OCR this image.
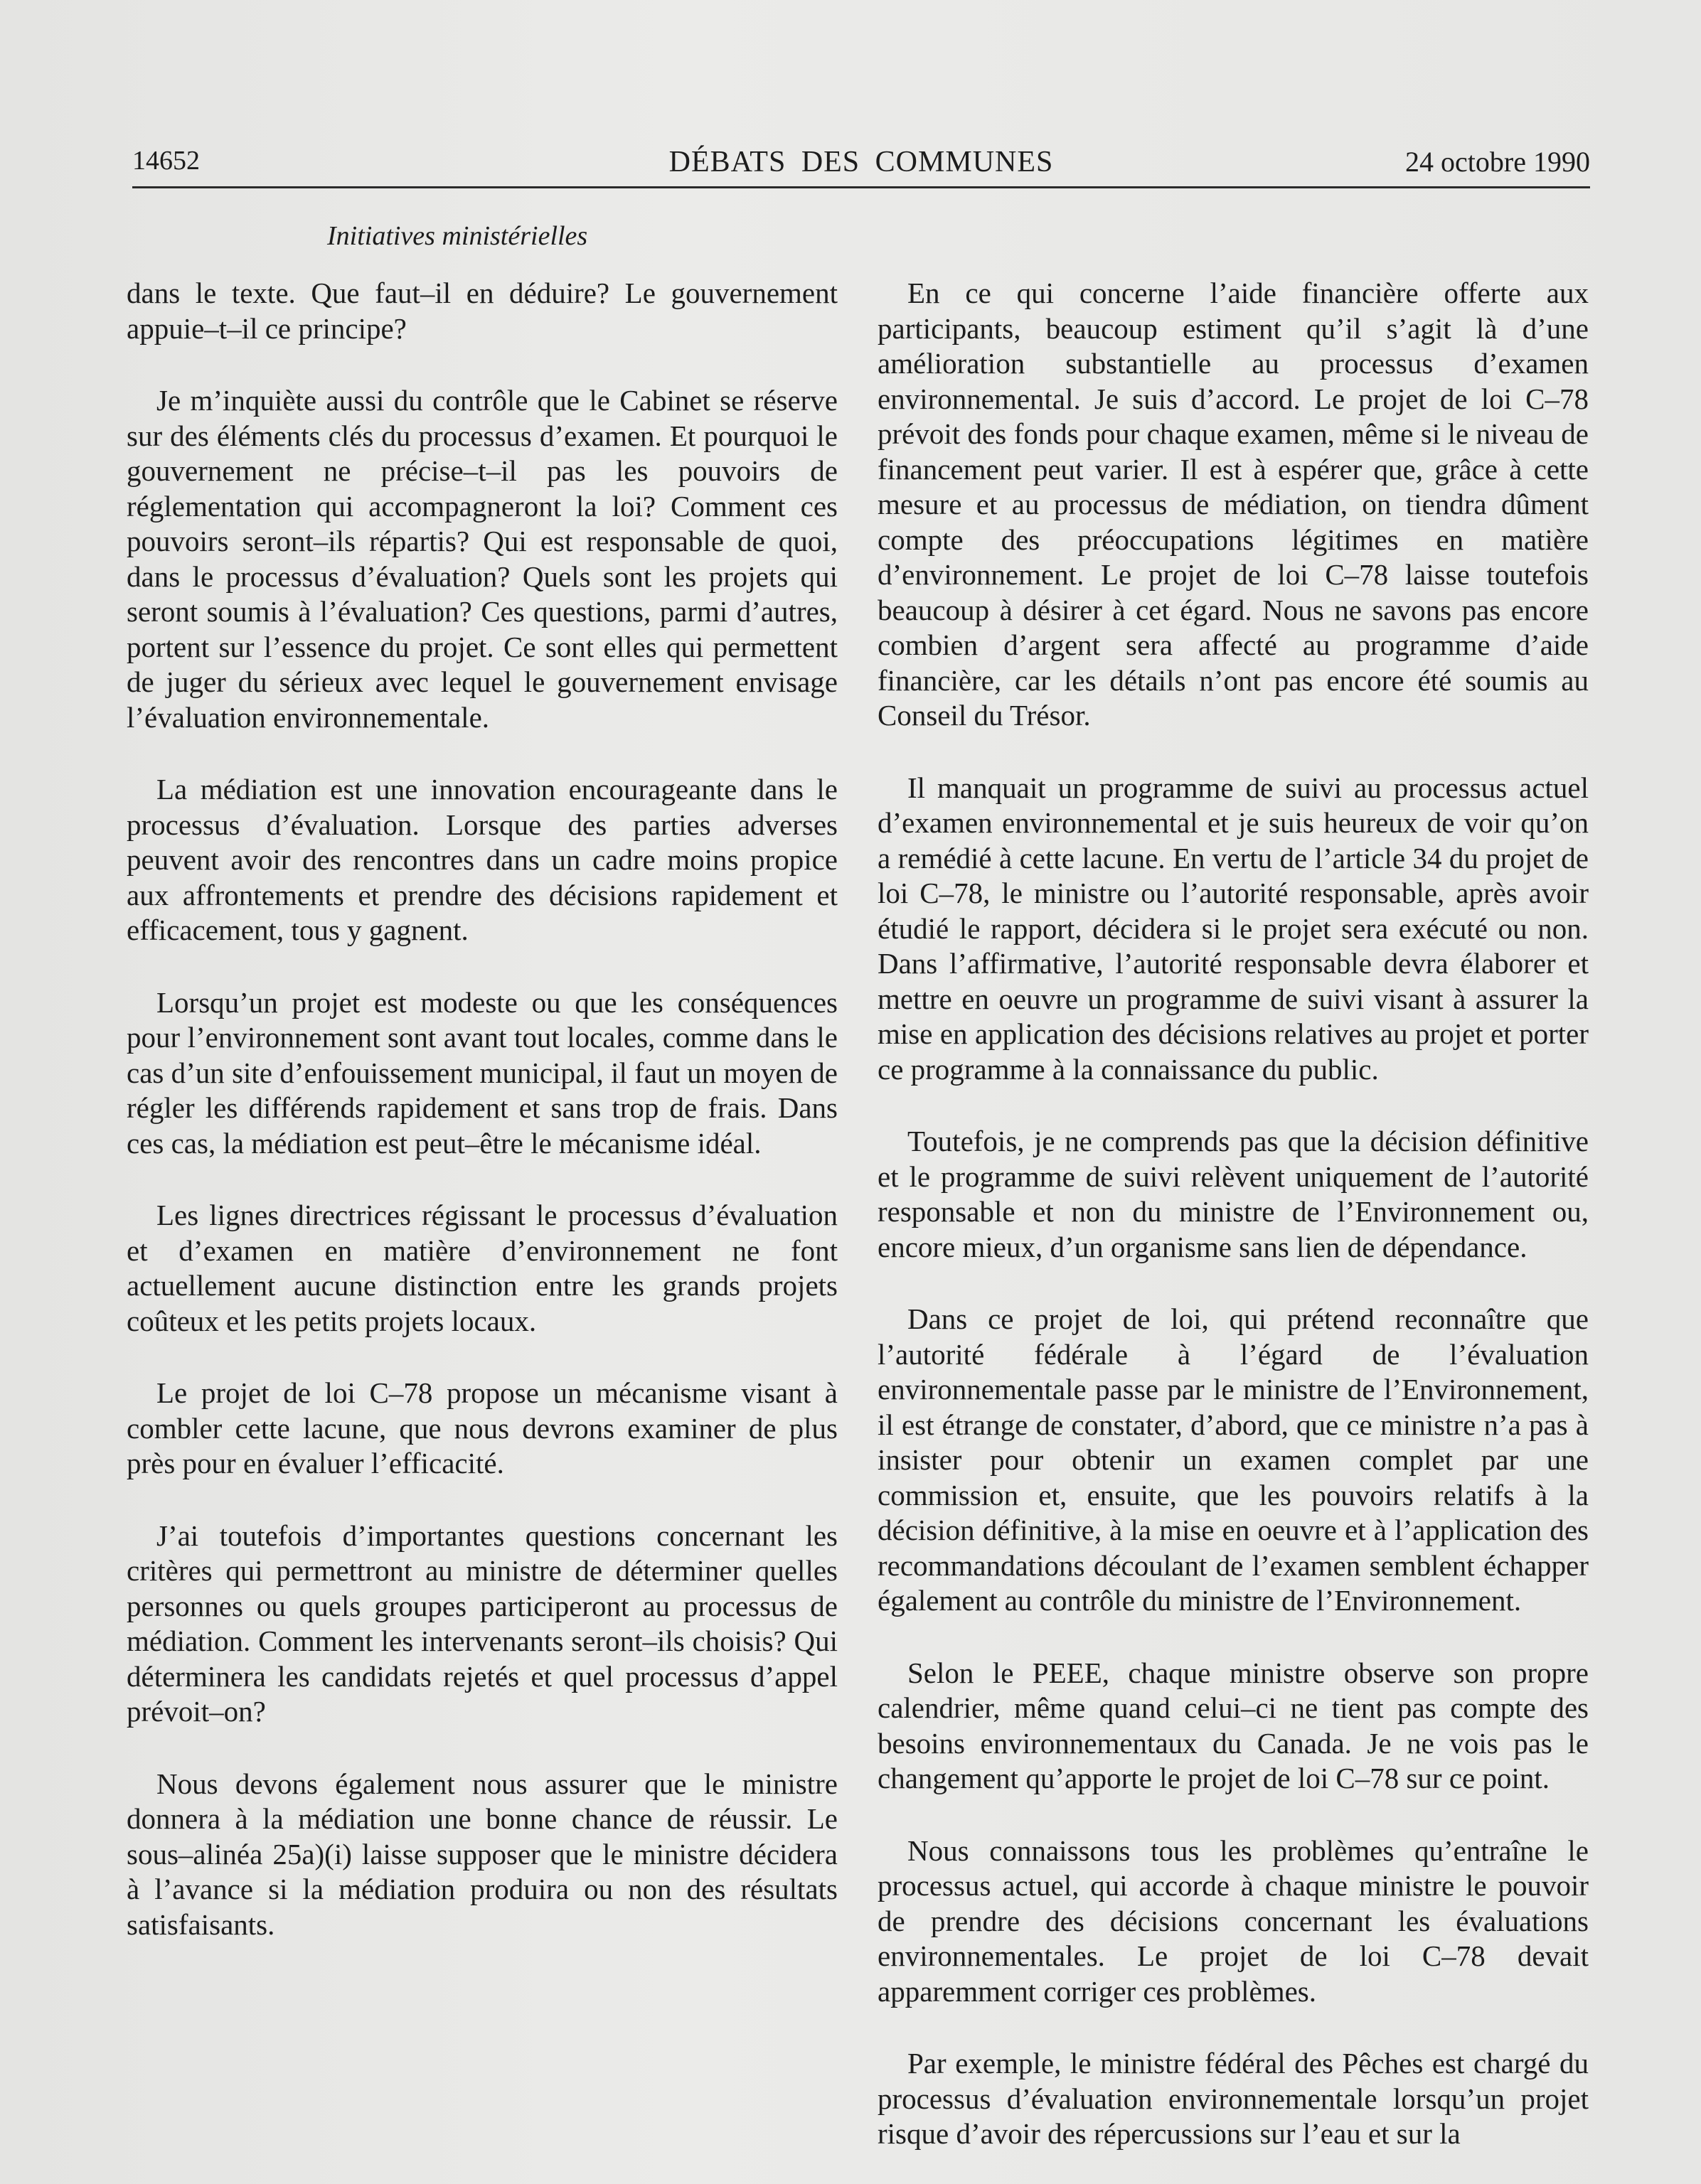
14652	DÉBATS DES COMMUNES	24 octobre 1990
Initiatives ministérielles

dans le texte. Que faut–il en déduire? Le gouvernement appuie–t–il ce principe?

Je m’inquiète aussi du contrôle que le Cabinet se réserve sur des éléments clés du processus d’examen. Et pourquoi le gouvernement ne précise–t–il pas les pouvoirs de réglementation qui accompagneront la loi? Comment ces pouvoirs seront–ils répartis? Qui est responsable de quoi, dans le processus d’évaluation? Quels sont les projets qui seront soumis à l’évaluation? Ces questions, parmi d’autres, portent sur l’essence du projet. Ce sont elles qui permettent de juger du sérieux avec lequel le gouvernement envisage l’évaluation environnementale.

La médiation est une innovation encourageante dans le processus d’évaluation. Lorsque des parties adverses peuvent avoir des rencontres dans un cadre moins propice aux affrontements et prendre des décisions rapidement et efficacement, tous y gagnent.

Lorsqu’un projet est modeste ou que les conséquences pour l’environnement sont avant tout locales, comme dans le cas d’un site d’enfouissement municipal, il faut un moyen de régler les différends rapidement et sans trop de frais. Dans ces cas, la médiation est peut–être le mécanisme idéal.

Les lignes directrices régissant le processus d’évaluation et d’examen en matière d’environnement ne font actuellement aucune distinction entre les grands projets coûteux et les petits projets locaux.

Le projet de loi C–78 propose un mécanisme visant à combler cette lacune, que nous devrons examiner de plus près pour en évaluer l’efficacité.

J’ai toutefois d’importantes questions concernant les critères qui permettront au ministre de déterminer quelles personnes ou quels groupes participeront au processus de médiation. Comment les intervenants seront–ils choisis? Qui déterminera les candidats rejetés et quel processus d’appel prévoit–on?

Nous devons également nous assurer que le ministre donnera à la médiation une bonne chance de réussir. Le sous–alinéa 25a)(i) laisse supposer que le ministre décidera à l’avance si la médiation produira ou non des résultats satisfaisants.

En ce qui concerne l’aide financière offerte aux participants, beaucoup estiment qu’il s’agit là d’une amélioration substantielle au processus d’examen environnemental. Je suis d’accord. Le projet de loi C–78 prévoit des fonds pour chaque examen, même si le niveau de financement peut varier. Il est à espérer que, grâce à cette mesure et au processus de médiation, on tiendra dûment compte des préoccupations légitimes en matière d’environnement. Le projet de loi C–78 laisse toutefois beaucoup à désirer à cet égard. Nous ne savons pas encore combien d’argent sera affecté au programme d’aide financière, car les détails n’ont pas encore été soumis au Conseil du Trésor.

Il manquait un programme de suivi au processus actuel d’examen environnemental et je suis heureux de voir qu’on a remédié à cette lacune. En vertu de l’article 34 du projet de loi C–78, le ministre ou l’autorité responsable, après avoir étudié le rapport, décidera si le projet sera exécuté ou non. Dans l’affirmative, l’autorité responsable devra élaborer et mettre en oeuvre un programme de suivi visant à assurer la mise en application des décisions relatives au projet et porter ce programme à la connaissance du public.

Toutefois, je ne comprends pas que la décision définitive et le programme de suivi relèvent uniquement de l’autorité responsable et non du ministre de l’Environnement ou, encore mieux, d’un organisme sans lien de dépendance.

Dans ce projet de loi, qui prétend reconnaître que l’autorité fédérale à l’égard de l’évaluation environnementale passe par le ministre de l’Environnement, il est étrange de constater, d’abord, que ce ministre n’a pas à insister pour obtenir un examen complet par une commission et, ensuite, que les pouvoirs relatifs à la décision définitive, à la mise en oeuvre et à l’application des recommandations découlant de l’examen semblent échapper également au contrôle du ministre de l’Environnement.

Selon le PEEE, chaque ministre observe son propre calendrier, même quand celui–ci ne tient pas compte des besoins environnementaux du Canada. Je ne vois pas le changement qu’apporte le projet de loi C–78 sur ce point.

Nous connaissons tous les problèmes qu’entraîne le processus actuel, qui accorde à chaque ministre le pouvoir de prendre des décisions concernant les évaluations environnementales. Le projet de loi C–78 devait apparemment corriger ces problèmes.

Par exemple, le ministre fédéral des Pêches est chargé du processus d’évaluation environnementale lorsqu’un projet risque d’avoir des répercussions sur l’eau et sur la
